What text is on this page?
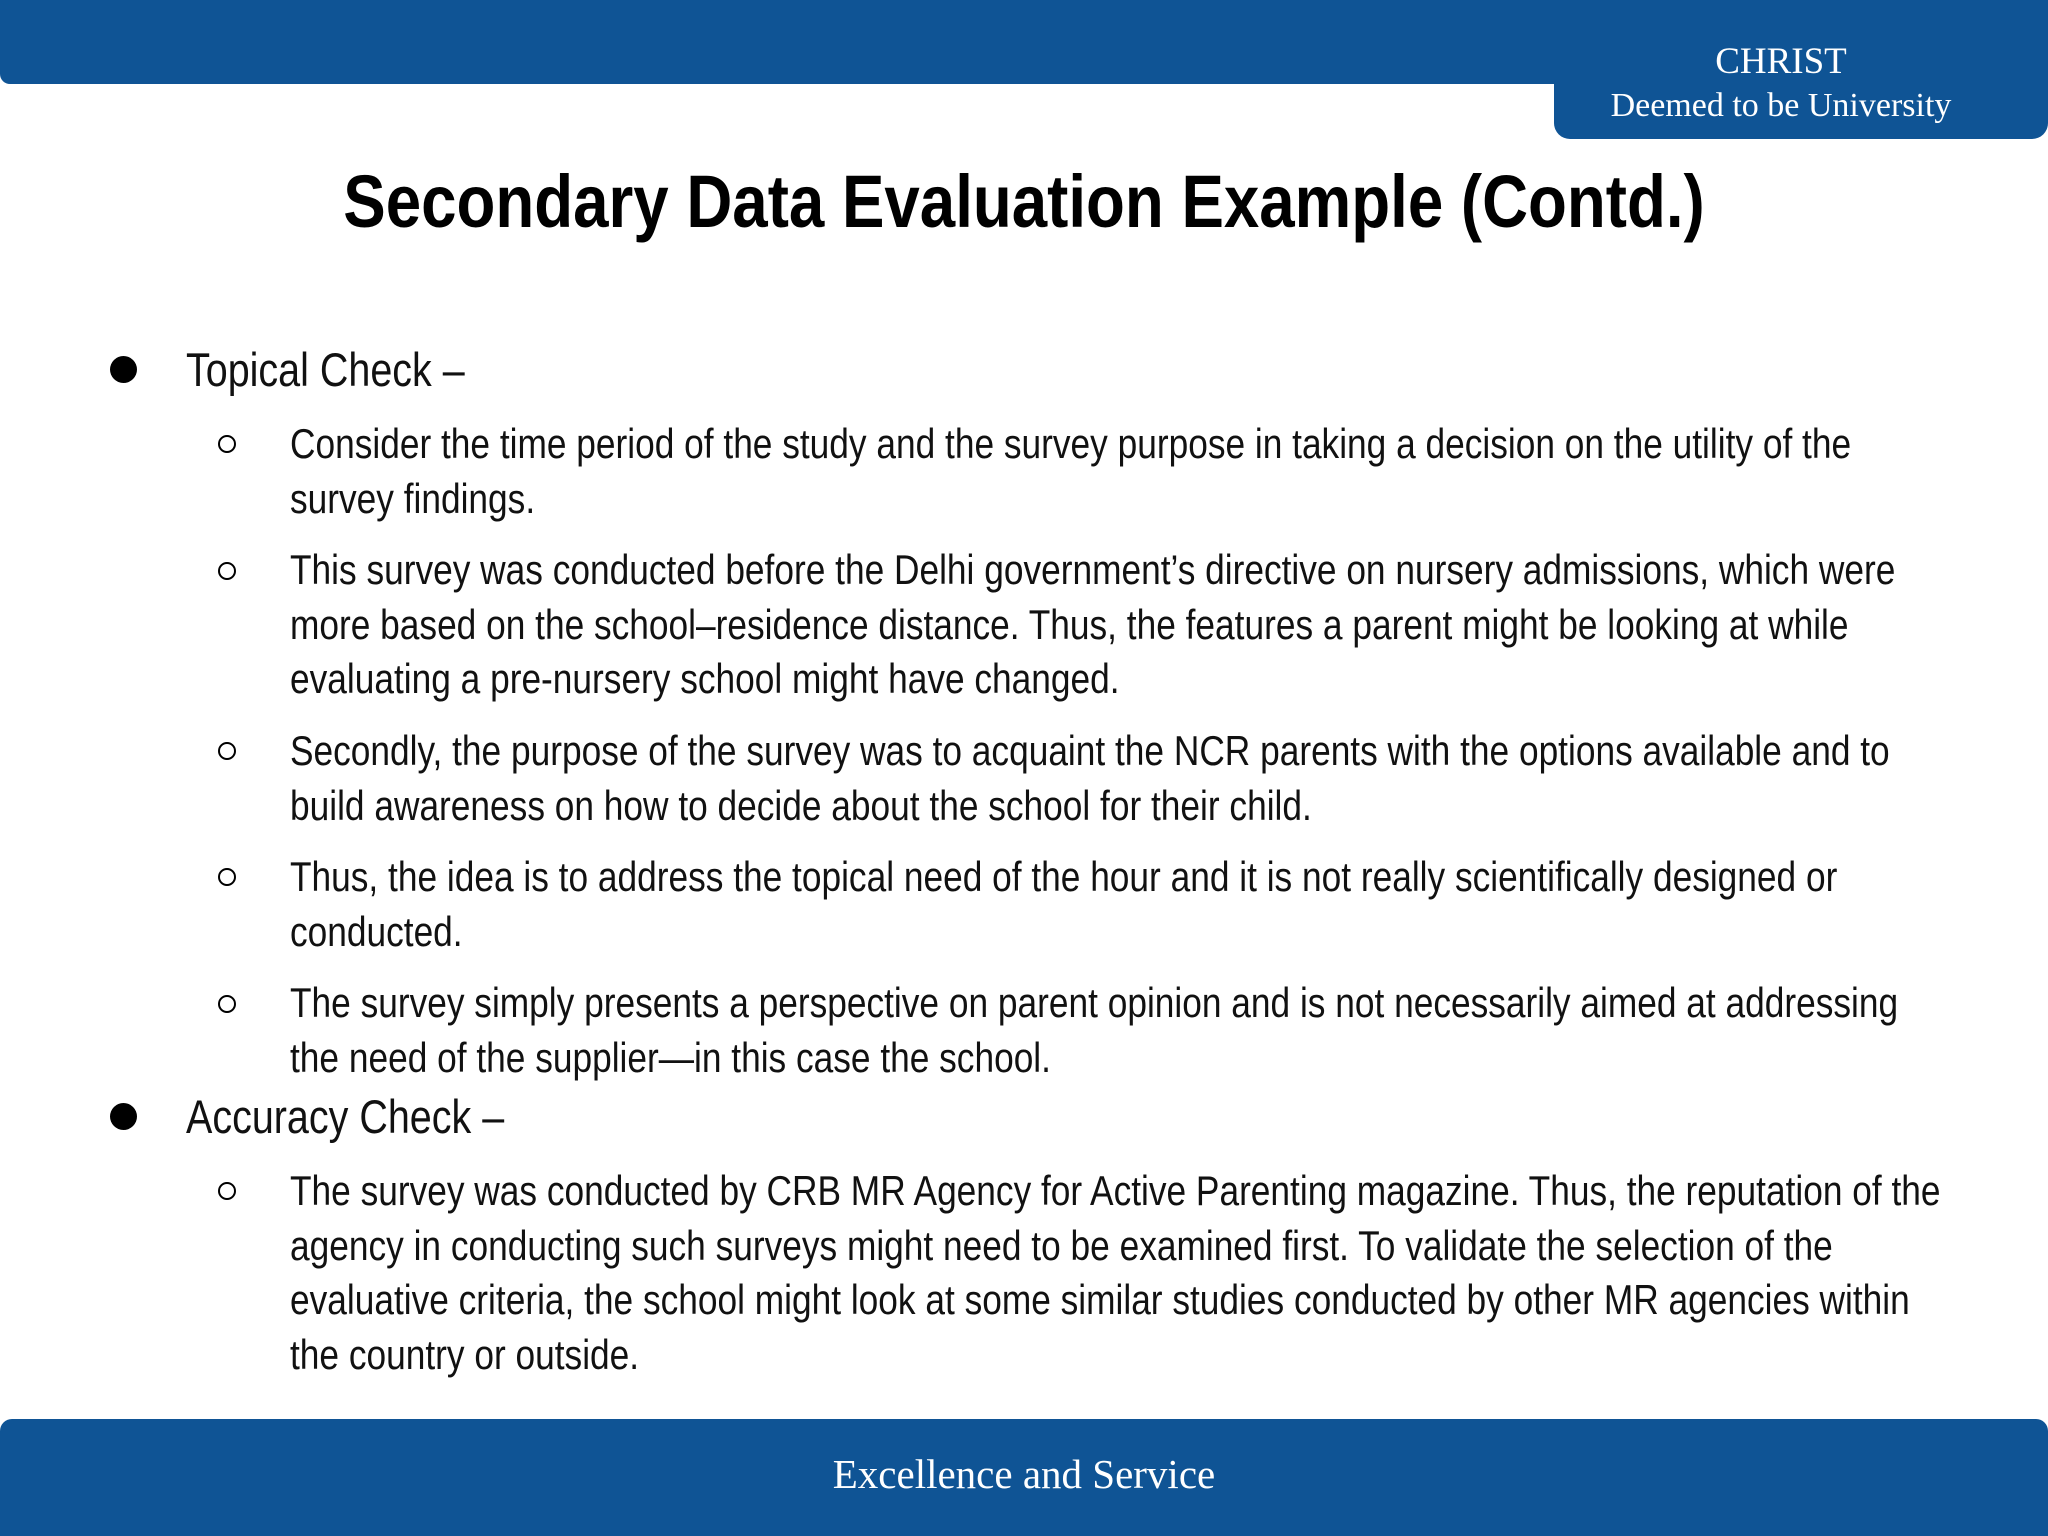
CHRIST
Deemed to be University
Secondary Data Evaluation Example (Contd.)
Topical Check –
Consider the time period of the study and the survey purpose in taking a decision on the utility of the survey findings.
This survey was conducted before the Delhi government’s directive on nursery admissions, which were more based on the school–residence distance. Thus, the features a parent might be looking at while evaluating a pre-nursery school might have changed.
Secondly, the purpose of the survey was to acquaint the NCR parents with the options available and to build awareness on how to decide about the school for their child.
Thus, the idea is to address the topical need of the hour and it is not really scientifically designed or conducted.
The survey simply presents a perspective on parent opinion and is not necessarily aimed at addressing the need of the supplier—in this case the school.
Accuracy Check –
The survey was conducted by CRB MR Agency for Active Parenting magazine. Thus, the reputation of the agency in conducting such surveys might need to be examined first. To validate the selection of the evaluative criteria, the school might look at some similar studies conducted by other MR agencies within the country or outside.
Excellence and Service
